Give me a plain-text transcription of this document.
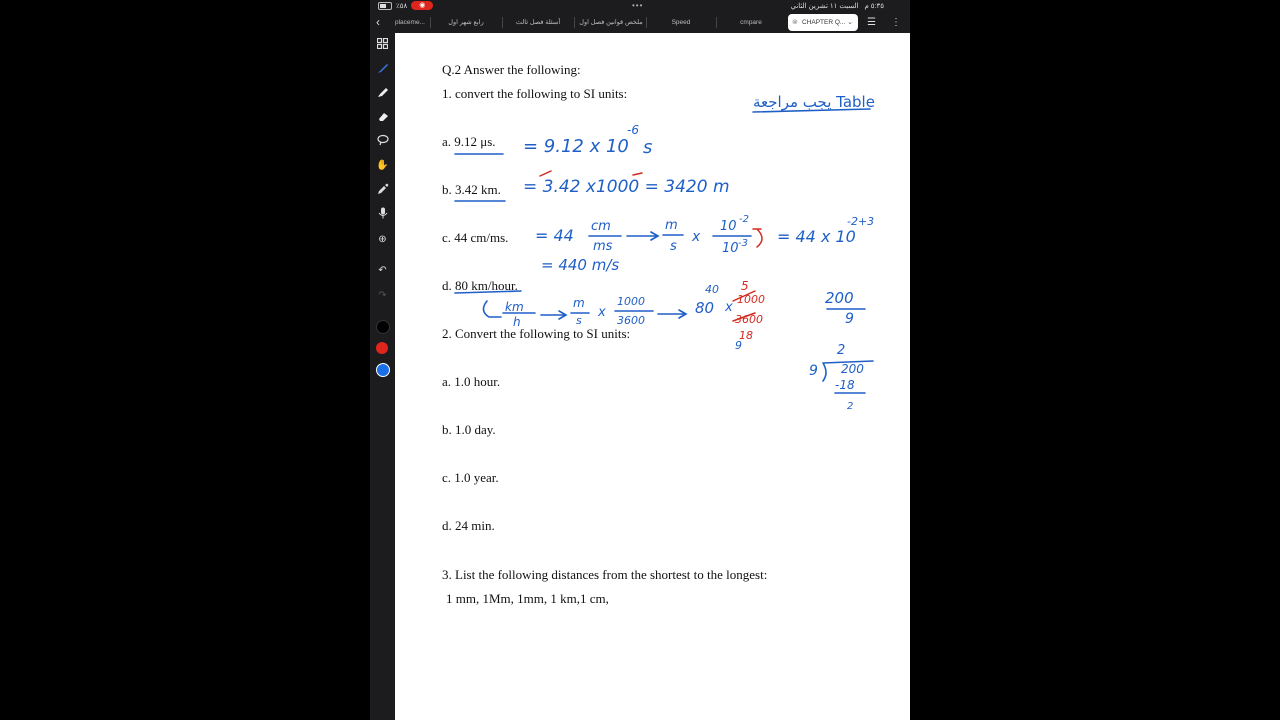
٪٥٨	◉	•••	٥:٣٥ م   السبت ١١ تشرين الثاني
‹	placeme...	رابع شهر اول	أسئلة فصل ثالث	ملخص قوانين فصل اول	Speed	cmpare	⊗ CHAPTER Q... ⌄ ☰ ⋮
✋
⊕
↶
↷
Q.2 Answer the following:
1. convert the following to SI units:
a. 9.12 μs.
b. 3.42 km.
c. 44 cm/ms.
d. 80 km/hour.
2. Convert the following to SI units:
a. 1.0 hour.
b. 1.0 day.
c. 1.0 year.
d. 24 min.
3. List the following distances from the shortest to the longest:
1 mm, 1Mm, 1mm, 1 km,1 cm,
يجب مراجعة Table
= 9.12 x 10
-6
s
= 3.42 x1000 = 3420 m
= 44 cm
ms
m
s
x
10 -2
10 -3 = 44 x 10
-2+3
= 440 m/s
km
h
m
s
x
1000
3600
40
80 x
9
200
9
2
9 200
-18
2
5
1000
3600
18
